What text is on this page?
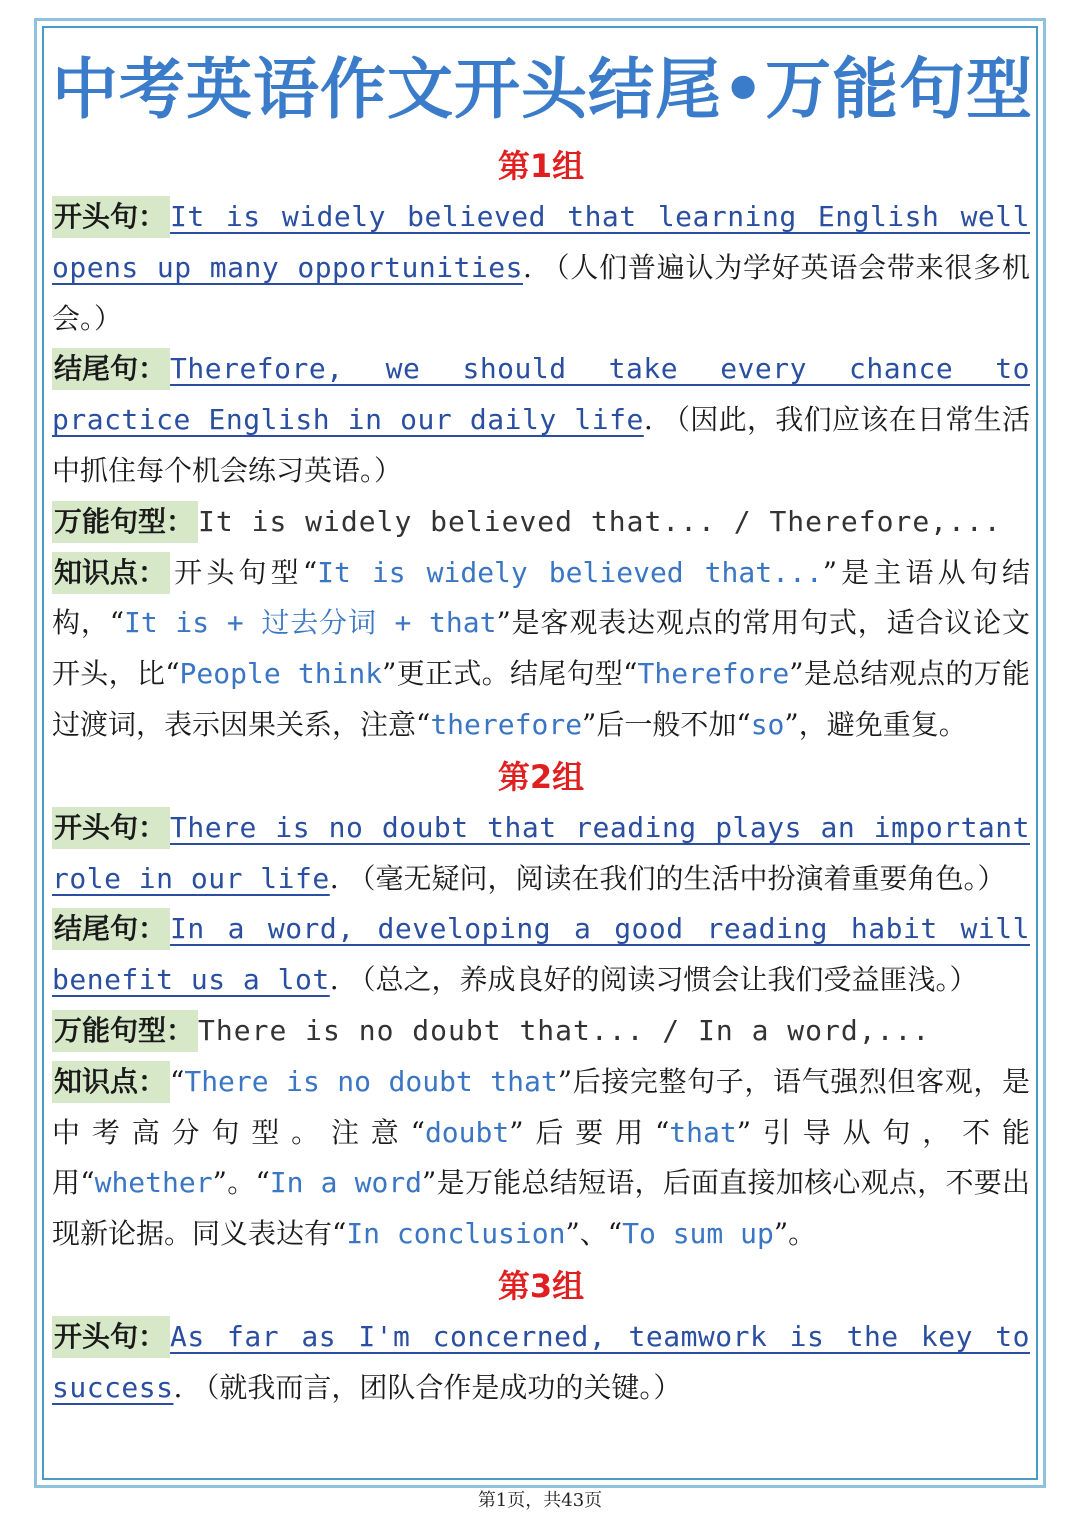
中考英语作文开头结尾•万能句型
第1组

开头句： It is widely believed that learning English well opens up many opportunities. （人们普遍认为学好英语会带来很多机会。）

结尾句： Therefore, we should take every chance to practice English in our daily life. （因此，我们应该在日常生活中抓住每个机会练习英语。）

万能句型： It is widely believed that... / Therefore,...

知识点： 开头句型“It is widely believed that...”是主语从句结构，“It is + 过去分词 + that”是客观表达观点的常用句式，适合议论文开头，比“People think”更正式。结尾句型“Therefore”是总结观点的万能过渡词，表示因果关系，注意“therefore”后一般不加“so”，避免重复。

第2组

开头句： There is no doubt that reading plays an important role in our life. （毫无疑问，阅读在我们的生活中扮演着重要角色。）

结尾句： In a word, developing a good reading habit will benefit us a lot. （总之，养成良好的阅读习惯会让我们受益匪浅。）

万能句型： There is no doubt that... / In a word,...

知识点： “There is no doubt that”后接完整句子，语气强烈但客观，是中考高分句型。注意“doubt”后要用“that”引导从句，不能用“whether”。“In a word”是万能总结短语，后面直接加核心观点，不要出现新论据。同义表达有“In conclusion”、“To sum up”。

第3组

开头句： As far as I'm concerned, teamwork is the key to success. （就我而言，团队合作是成功的关键。）

第1页，共43页
